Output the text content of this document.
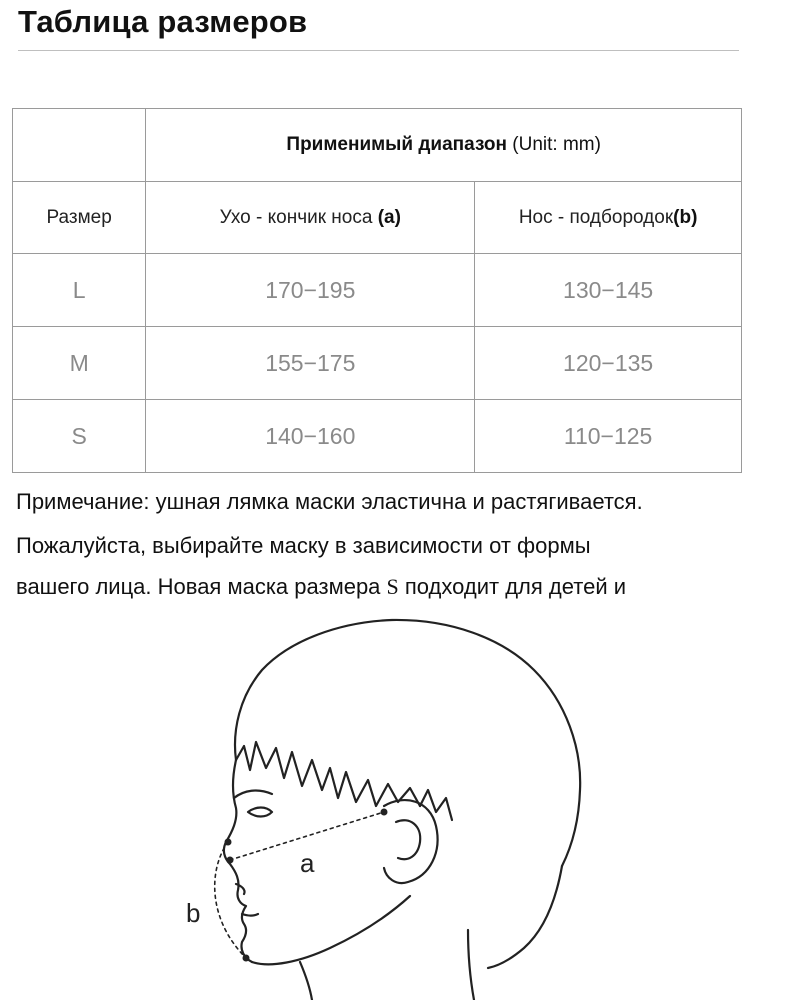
Таблица размеров
	Применимый диапазон (Unit: mm)	
Размер	Ухо - кончик носа (a)	Нос - подбородок(b)
L	170−195	130−145
M	155−175	120−135
S	140−160	110−125
Примечание: ушная лямка маски эластична и растягивается.
Пожалуйста, выбирайте маску в зависимости от формы
вашего лица. Новая маска размера S подходит для детей и
a
b
